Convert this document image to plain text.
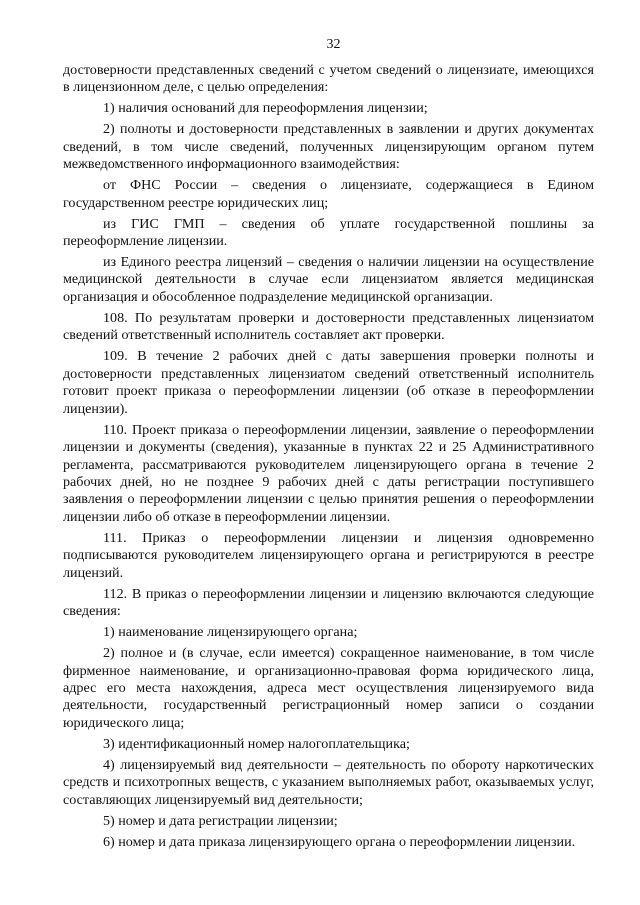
32

достоверности представленных сведений с учетом сведений о лицензиате, имеющихся в лицензионном деле, с целью определения:

1) наличия оснований для переоформления лицензии;

2) полноты и достоверности представленных в заявлении и других документах сведений, в том числе сведений, полученных лицензирующим органом путем межведомственного информационного взаимодействия:

от ФНС России – сведения о лицензиате, содержащиеся в Едином государственном реестре юридических лиц;

из ГИС ГМП – сведения об уплате государственной пошлины за переоформление лицензии.

из Единого реестра лицензий – сведения о наличии лицензии на осуществление медицинской деятельности в случае если лицензиатом является медицинская организация и обособленное подразделение медицинской организации.

108. По результатам проверки и достоверности представленных лицензиатом сведений ответственный исполнитель составляет акт проверки.

109. В течение 2 рабочих дней с даты завершения проверки полноты и достоверности представленных лицензиатом сведений ответственный исполнитель готовит проект приказа о переоформлении лицензии (об отказе в переоформлении лицензии).

110. Проект приказа о переоформлении лицензии, заявление о переоформлении лицензии и документы (сведения), указанные в пунктах 22 и 25 Административного регламента, рассматриваются руководителем лицензирующего органа в течение 2 рабочих дней, но не позднее 9 рабочих дней с даты регистрации поступившего заявления о переоформлении лицензии с целью принятия решения о переоформлении лицензии либо об отказе в переоформлении лицензии.

111. Приказ о переоформлении лицензии и лицензия одновременно подписываются руководителем лицензирующего органа и регистрируются в реестре лицензий.

112. В приказ о переоформлении лицензии и лицензию включаются следующие сведения:

1) наименование лицензирующего органа;

2) полное и (в случае, если имеется) сокращенное наименование, в том числе фирменное наименование, и организационно-правовая форма юридического лица, адрес его места нахождения, адреса мест осуществления лицензируемого вида деятельности, государственный регистрационный номер записи о создании юридического лица;

3) идентификационный номер налогоплательщика;

4) лицензируемый вид деятельности – деятельность по обороту наркотических средств и психотропных веществ, с указанием выполняемых работ, оказываемых услуг, составляющих лицензируемый вид деятельности;

5) номер и дата регистрации лицензии;

6) номер и дата приказа лицензирующего органа о переоформлении лицензии.
